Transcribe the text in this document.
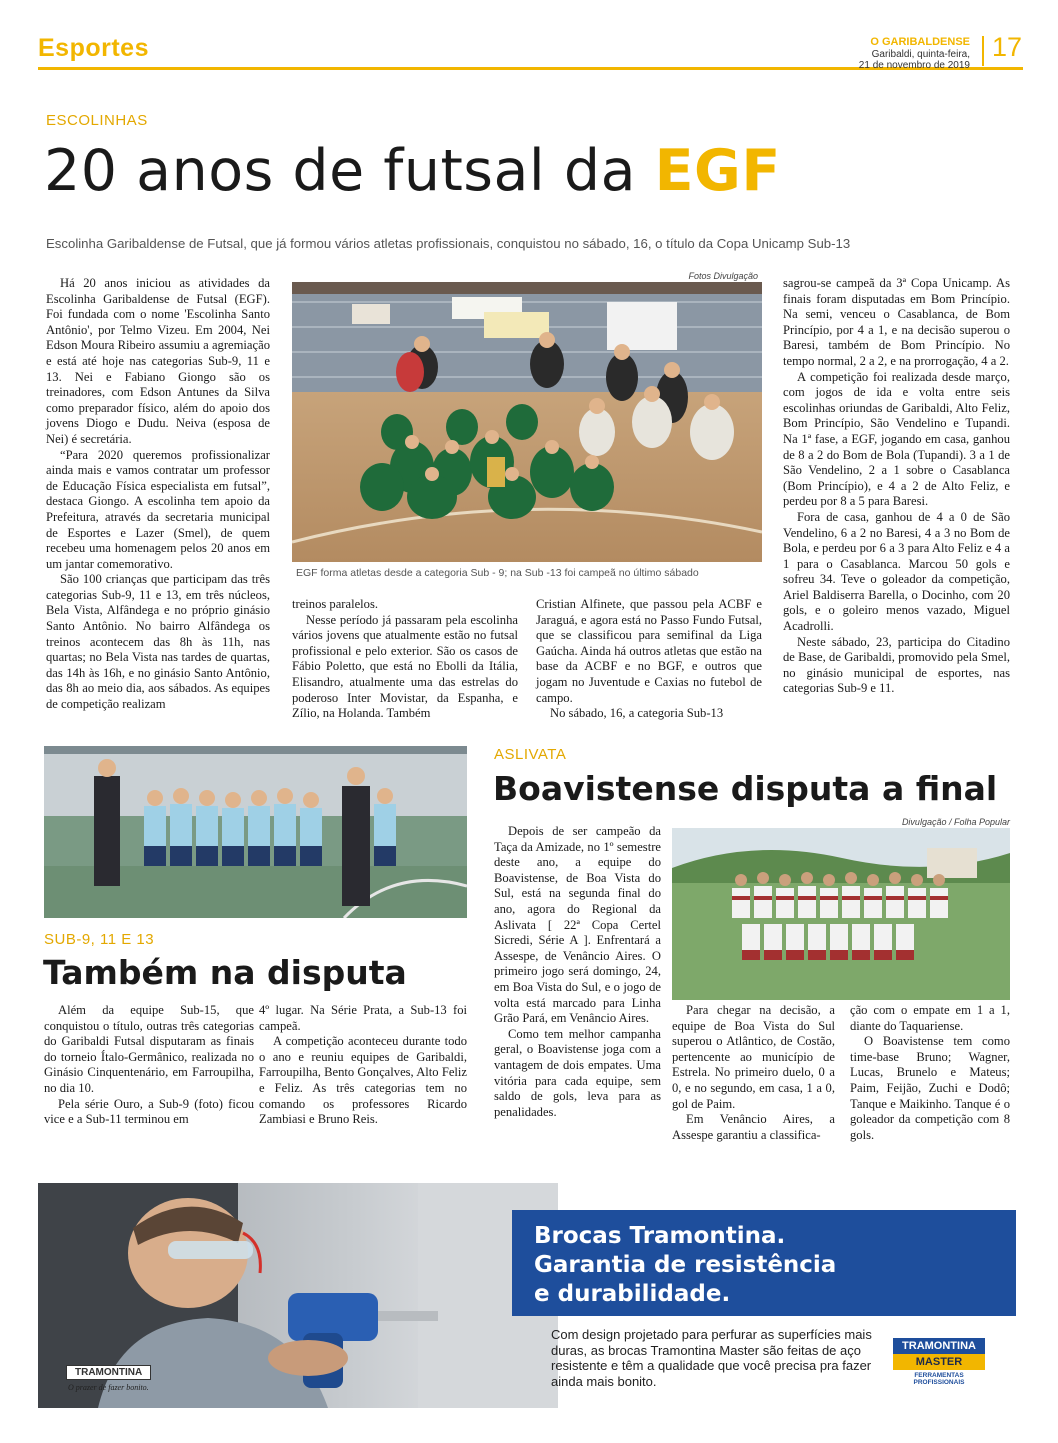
Esportes	O GARIBALDENSE
Garibaldi, quinta-feira,
21 de novembro de 2019
17
ESCOLINHAS
20 anos de futsal da EGF
Escolinha Garibaldense de Futsal, que já formou vários atletas profissionais, conquistou no sábado, 16, o título da Copa Unicamp Sub-13

Há 20 anos iniciou as atividades da Escolinha Garibaldense de Futsal (EGF). Foi fundada com o nome 'Escolinha Santo Antônio', por Telmo Vizeu. Em 2004, Nei Edson Moura Ribeiro assumiu a agremiação e está até hoje nas categorias Sub-9, 11 e 13. Nei e Fabiano Giongo são os treinadores, com Edson Antunes da Silva como preparador físico, além do apoio dos jovens Diogo e Dudu. Neiva (esposa de Nei) é secretária.

“Para 2020 queremos profissionalizar ainda mais e vamos contratar um professor de Educação Física especialista em futsal”, destaca Giongo. A escolinha tem apoio da Prefeitura, através da secretaria municipal de Esportes e Lazer (Smel), de quem recebeu uma homenagem pelos 20 anos em um jantar comemorativo.

São 100 crianças que participam das três categorias Sub-9, 11 e 13, em três núcleos, Bela Vista, Alfândega e no próprio ginásio Santo Antônio. No bairro Alfândega os treinos acontecem das 8h às 11h, nas quartas; no Bela Vista nas tardes de quartas, das 14h às 16h, e no ginásio Santo Antônio, das 8h ao meio dia, aos sábados. As equipes de competição realizam

Fotos Divulgação
EGF forma atletas desde a categoria Sub - 9; na Sub -13 foi campeã no último sábado

treinos paralelos.

Nesse período já passaram pela escolinha vários jovens que atualmente estão no futsal profissional e pelo exterior. São os casos de Fábio Poletto, que está no Ebolli da Itália, Elisandro, atualmente uma das estrelas do poderoso Inter Movistar, da Espanha, e Zílio, na Holanda. Também

Cristian Alfinete, que passou pela ACBF e Jaraguá, e agora está no Passo Fundo Futsal, que se classificou para semifinal da Liga Gaúcha. Ainda há outros atletas que estão na base da ACBF e no BGF, e outros que jogam no Juventude e Caxias no futebol de campo.

No sábado, 16, a categoria Sub-13

sagrou-se campeã da 3ª Copa Unicamp. As finais foram disputadas em Bom Princípio. Na semi, venceu o Casablanca, de Bom Princípio, por 4 a 1, e na decisão superou o Baresi, também de Bom Princípio. No tempo normal, 2 a 2, e na prorrogação, 4 a 2.

A competição foi realizada desde março, com jogos de ida e volta entre seis escolinhas oriundas de Garibaldi, Alto Feliz, Bom Princípio, São Vendelino e Tupandi. Na 1ª fase, a EGF, jogando em casa, ganhou de 8 a 2 do Bom de Bola (Tupandi). 3 a 1 de São Vendelino, 2 a 1 sobre o Casablanca (Bom Princípio), e 4 a 2 de Alto Feliz, e perdeu por 8 a 5 para Baresi.

Fora de casa, ganhou de 4 a 0 de São Vendelino, 6 a 2 no Baresi, 4 a 3 no Bom de Bola, e perdeu por 6 a 3 para Alto Feliz e 4 a 1 para o Casablanca. Marcou 50 gols e sofreu 34. Teve o goleador da competição, Ariel Baldiserra Barella, o Docinho, com 20 gols, e o goleiro menos vazado, Miguel Acadrolli.

Neste sábado, 23, participa do Citadino de Base, de Garibaldi, promovido pela Smel, no ginásio municipal de esportes, nas categorias Sub-9 e 11.

SUB-9, 11 E 13
Também na disputa

Além da equipe Sub-15, que conquistou o título, outras três categorias do Garibaldi Futsal disputaram as finais do torneio Ítalo-Germânico, realizada no Ginásio Cinquentenário, em Farroupilha, no dia 10.

Pela série Ouro, a Sub-9 (foto) ficou vice e a Sub-11 terminou em

4º lugar. Na Série Prata, a Sub-13 foi campeã.

A competição aconteceu durante todo o ano e reuniu equipes de Garibaldi, Farroupilha, Bento Gonçalves, Alto Feliz e Feliz. As três categorias tem no comando os professores Ricardo Zambiasi e Bruno Reis.

ASLIVATA
Boavistense disputa a final

Depois de ser campeão da Taça da Amizade, no 1º semestre deste ano, a equipe do Boavistense, de Boa Vista do Sul, está na segunda final do ano, agora do Regional da Aslivata [ 22ª Copa Certel Sicredi, Série A ]. Enfrentará a Assespe, de Venâncio Aires. O primeiro jogo será domingo, 24, em Boa Vista do Sul, e o jogo de volta está marcado para Linha Grão Pará, em Venâncio Aires.

Como tem melhor campanha geral, o Boavistense joga com a vantagem de dois empates. Uma vitória para cada equipe, sem saldo de gols, leva para as penalidades.

Divulgação / Folha Popular

Para chegar na decisão, a equipe de Boa Vista do Sul superou o Atlântico, de Costão, pertencente ao município de Estrela. No primeiro duelo, 0 a 0, e no segundo, em casa, 1 a 0, gol de Paim.

Em Venâncio Aires, a Assespe garantiu a classifica-

ção com o empate em 1 a 1, diante do Taquariense.

O Boavistense tem como time-base Bruno; Wagner, Lucas, Brunelo e Mateus; Paim, Feijão, Zuchi e Dodô; Tanque e Maikinho. Tanque é o goleador da competição com 8 gols.

TRAMONTINA
O prazer de fazer bonito.
Brocas Tramontina.
Garantia de resistência
e durabilidade.
Com design projetado para perfurar as superfícies mais duras, as brocas Tramontina Master são feitas de aço resistente e têm a qualidade que você precisa pra fazer ainda mais bonito.
TRAMONTINA
MASTER
FERRAMENTAS PROFISSIONAIS
